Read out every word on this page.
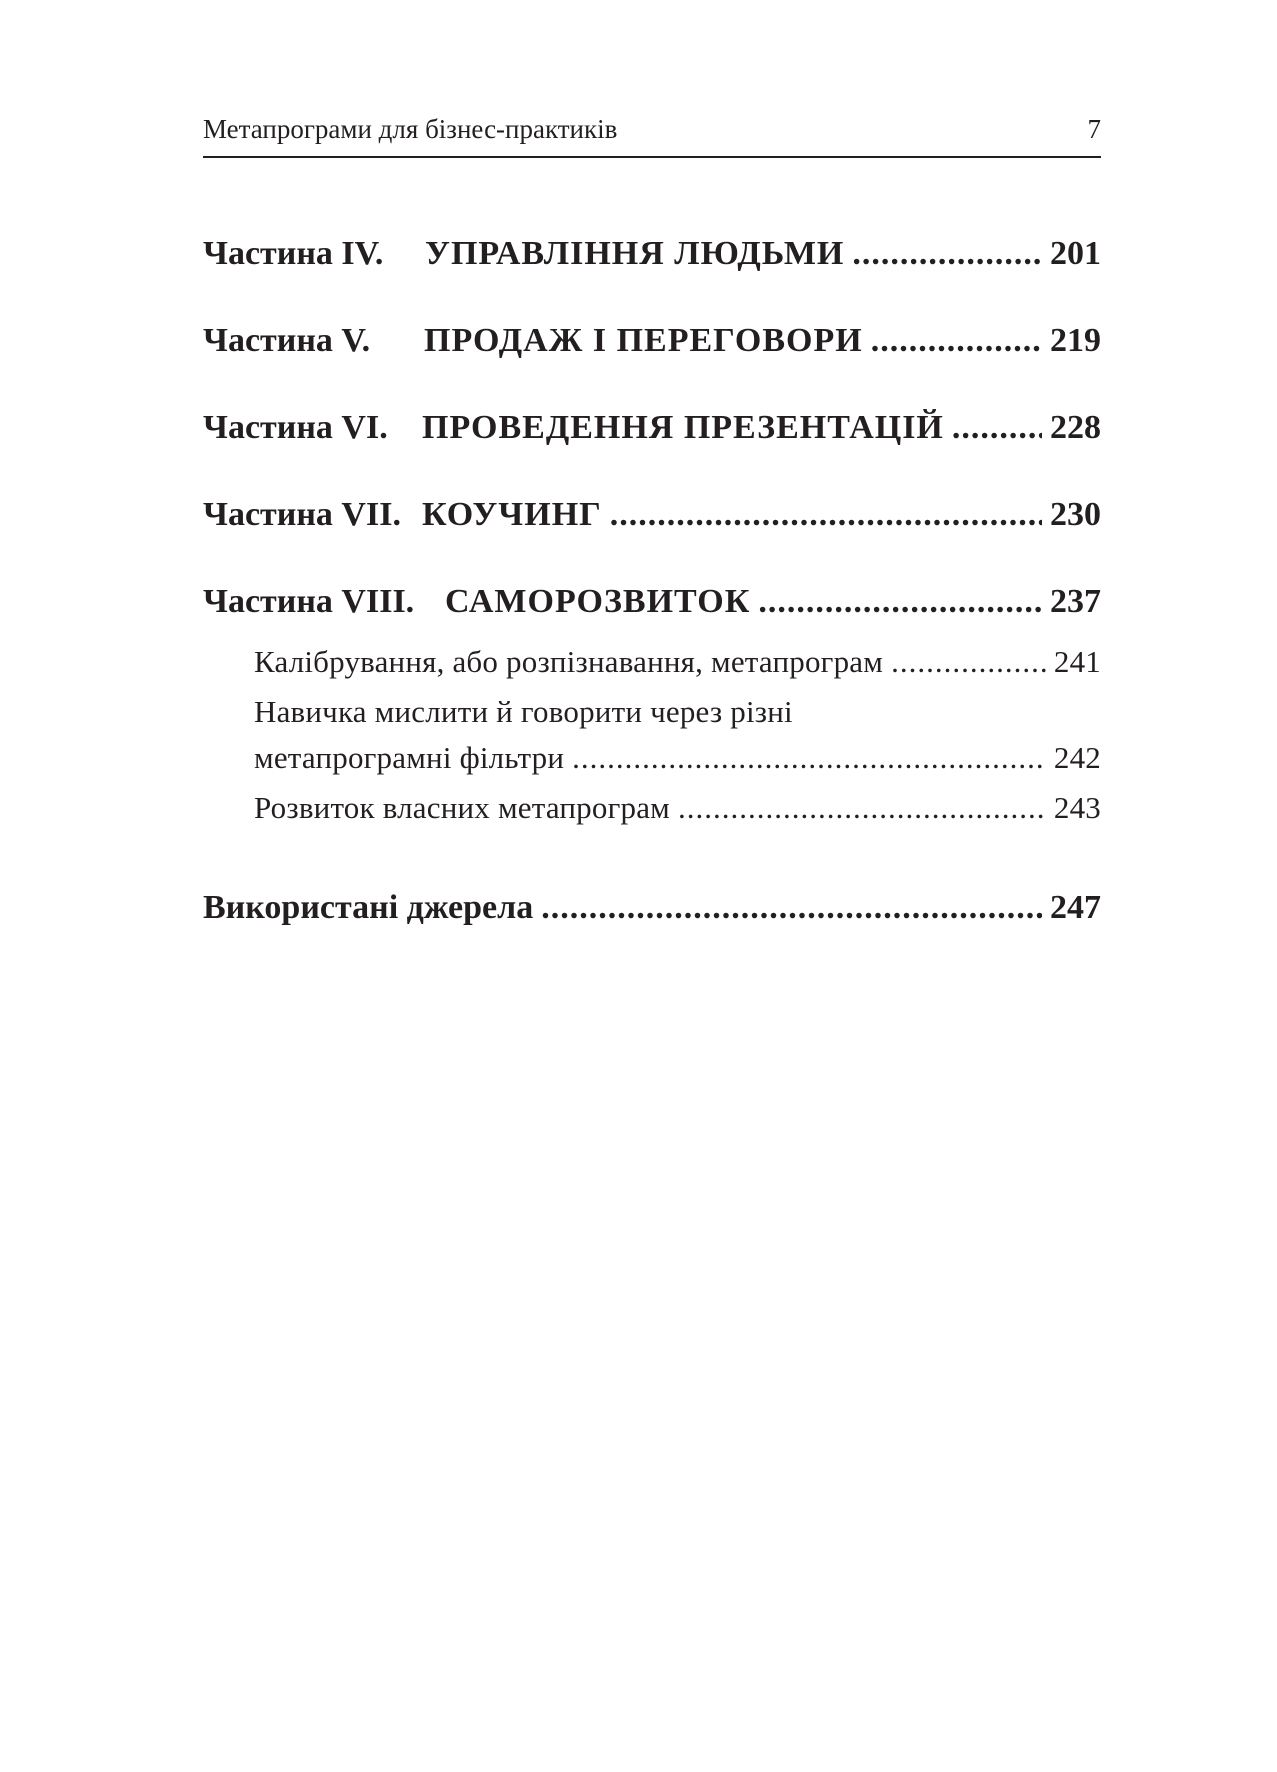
Метапрограми для бізнес-практиків	7
Частина IV.	УПРАВЛІННЯ ЛЮДЬМИ .....	201
Частина V.	ПРОДАЖ І ПЕРЕГОВОРИ .....	219
Частина VI.	ПРОВЕДЕННЯ ПРЕЗЕНТАЦІЙ .....	228
Частина VII. КОУЧИНГ .....	230
Частина VIII. САМОРОЗВИТОК .....	237
Калібрування, або розпізнавання, метапрограм .....	241
Навичка мислити й говорити через різні
метапрограмні фільтри .....	242
Розвиток власних метапрограм .....	243
Використані джерела .....	247
